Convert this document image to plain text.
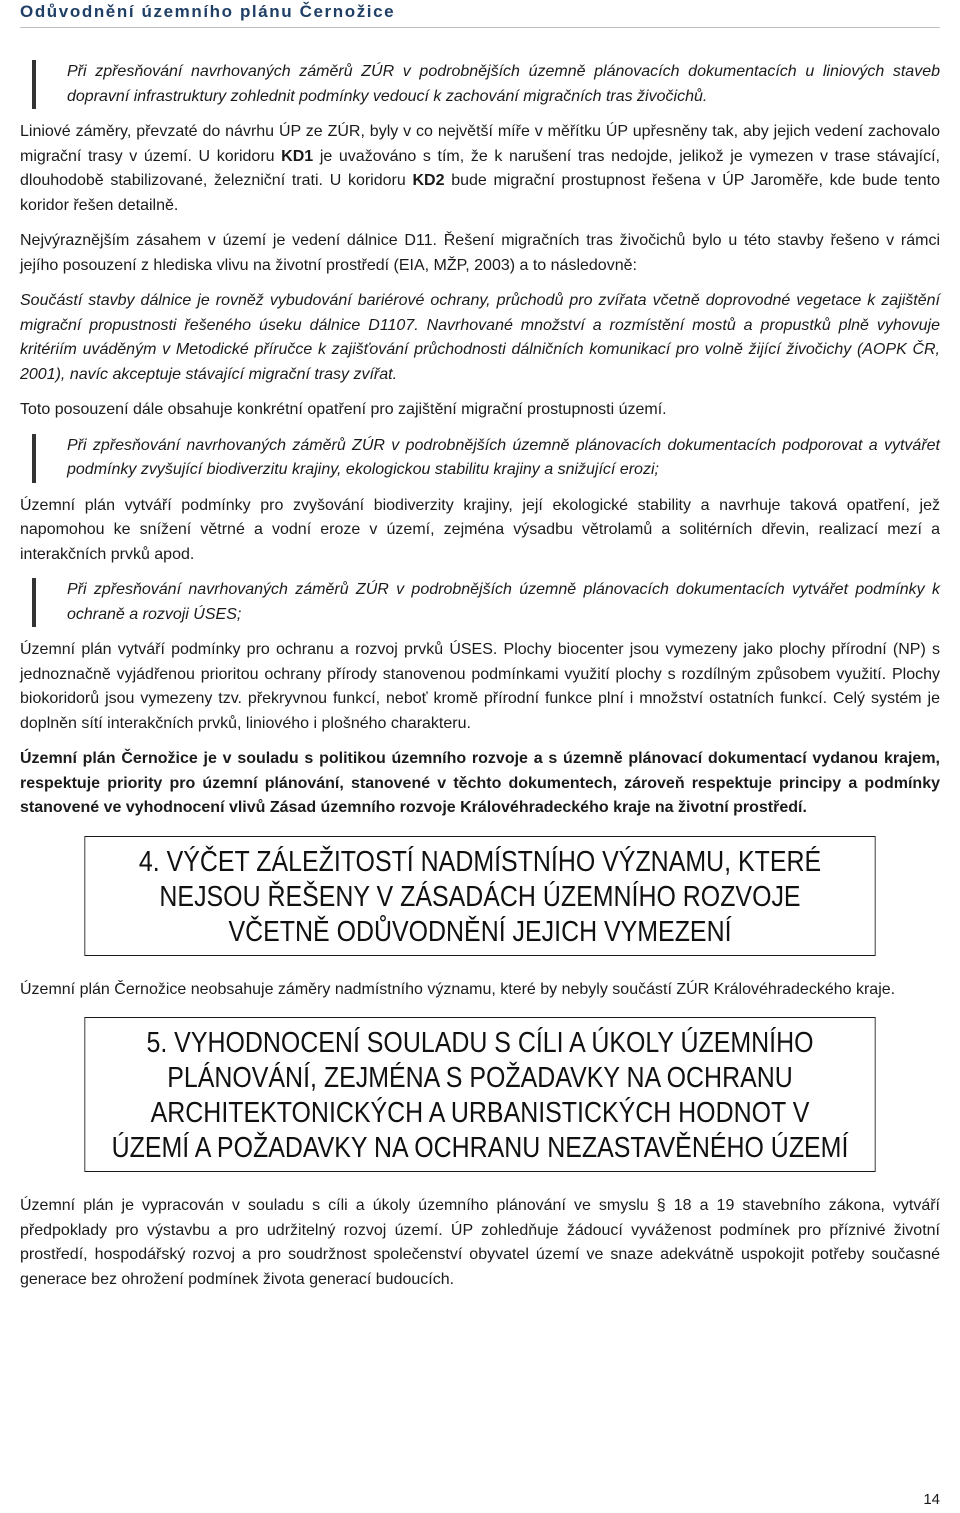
Odůvodnění územního plánu Černožice

Při zpřesňování navrhovaných záměrů ZÚR v podrobnějších územně plánovacích dokumentacích u liniových staveb dopravní infrastruktury zohlednit podmínky vedoucí k zachování migračních tras živočichů.

Liniové záměry, převzaté do návrhu ÚP ze ZÚR, byly v co největší míře v měřítku ÚP upřesněny tak, aby jejich vedení zachovalo migrační trasy v území. U koridoru KD1 je uvažováno s tím, že k narušení tras nedojde, jelikož je vymezen v trase stávající, dlouhodobě stabilizované, železniční trati. U koridoru KD2 bude migrační prostupnost řešena v ÚP Jaroměře, kde bude tento koridor řešen detailně.

Nejvýraznějším zásahem v území je vedení dálnice D11. Řešení migračních tras živočichů bylo u této stavby řešeno v rámci jejího posouzení z hlediska vlivu na životní prostředí (EIA, MŽP, 2003) a to následovně:

Součástí stavby dálnice je rovněž vybudování bariérové ochrany, průchodů pro zvířata včetně doprovodné vegetace k zajištění migrační propustnosti řešeného úseku dálnice D1107. Navrhované množství a rozmístění mostů a propustků plně vyhovuje kritériím uváděným v Metodické příručce k zajišťování průchodnosti dálničních komunikací pro volně žijící živočichy (AOPK ČR, 2001), navíc akceptuje stávající migrační trasy zvířat.

Toto posouzení dále obsahuje konkrétní opatření pro zajištění migrační prostupnosti území.

Při zpřesňování navrhovaných záměrů ZÚR v podrobnějších územně plánovacích dokumentacích podporovat a vytvářet podmínky zvyšující biodiverzitu krajiny, ekologickou stabilitu krajiny a snižující erozi;

Územní plán vytváří podmínky pro zvyšování biodiverzity krajiny, její ekologické stability a navrhuje taková opatření, jež napomohou ke snížení větrné a vodní eroze v území, zejména výsadbu větrolamů a solitérních dřevin, realizací mezí a interakčních prvků apod.

Při zpřesňování navrhovaných záměrů ZÚR v podrobnějších územně plánovacích dokumentacích vytvářet podmínky k ochraně a rozvoji ÚSES;

Územní plán vytváří podmínky pro ochranu a rozvoj prvků ÚSES. Plochy biocenter jsou vymezeny jako plochy přírodní (NP) s jednoznačně vyjádřenou prioritou ochrany přírody stanovenou podmínkami využití plochy s rozdílným způsobem využití. Plochy biokoridorů jsou vymezeny tzv. překryvnou funkcí, neboť kromě přírodní funkce plní i množství ostatních funkcí. Celý systém je doplněn sítí interakčních prvků, liniového i plošného charakteru.

Územní plán Černožice je v souladu s politikou územního rozvoje a s územně plánovací dokumentací vydanou krajem, respektuje priority pro územní plánování, stanovené v těchto dokumentech, zároveň respektuje principy a podmínky stanovené ve vyhodnocení vlivů Zásad územního rozvoje Královéhradeckého kraje na životní prostředí.

4. VÝČET ZÁLEŽITOSTÍ NADMÍSTNÍHO VÝZNAMU, KTERÉ NEJSOU ŘEŠENY V ZÁSADÁCH ÚZEMNÍHO ROZVOJE VČETNĚ ODŮVODNĚNÍ JEJICH VYMEZENÍ

Územní plán Černožice neobsahuje záměry nadmístního významu, které by nebyly součástí ZÚR Královéhradeckého kraje.

5. VYHODNOCENÍ SOULADU S CÍLI A ÚKOLY ÚZEMNÍHO PLÁNOVÁNÍ, ZEJMÉNA S POŽADAVKY NA OCHRANU ARCHITEKTONICKÝCH A URBANISTICKÝCH HODNOT V ÚZEMÍ A POŽADAVKY NA OCHRANU NEZASTAVĚNÉHO ÚZEMÍ

Územní plán je vypracován v souladu s cíli a úkoly územního plánování ve smyslu § 18 a 19 stavebního zákona, vytváří předpoklady pro výstavbu a pro udržitelný rozvoj území. ÚP zohledňuje žádoucí vyváženost podmínek pro příznivé životní prostředí, hospodářský rozvoj a pro soudržnost společenství obyvatel území ve snaze adekvátně uspokojit potřeby současné generace bez ohrožení podmínek života generací budoucích.

14
